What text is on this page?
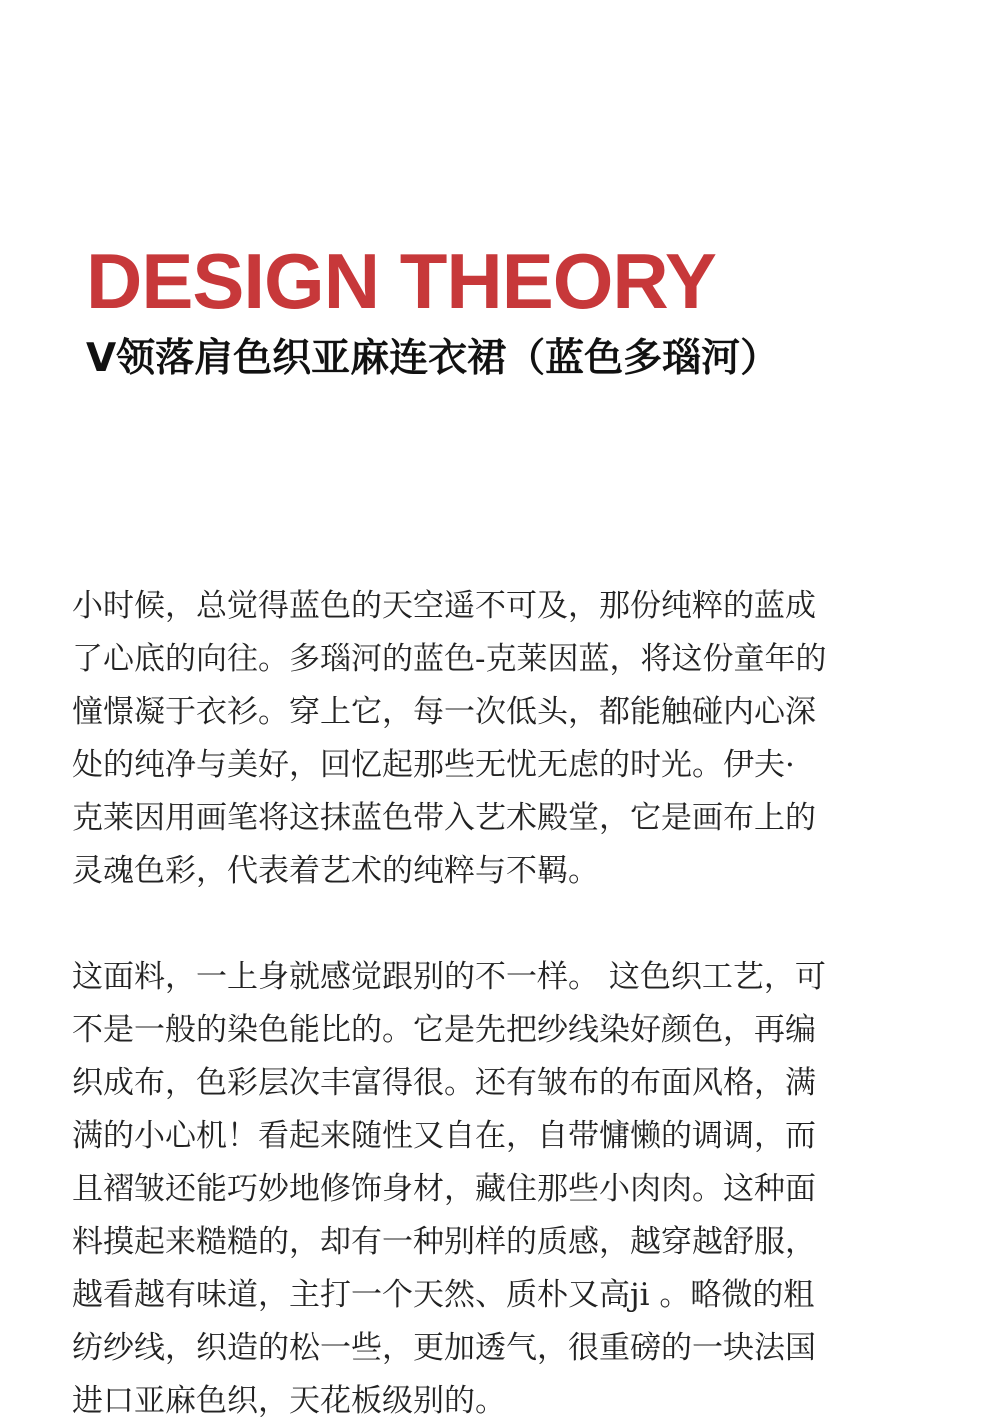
DESIGN THEORY
V领落肩色织亚麻连衣裙（蓝色多瑙河）
小时候，总觉得蓝色的天空遥不可及，那份纯粹的蓝成
了心底的向往。多瑙河的蓝色-克莱因蓝，将这份童年的
憧憬凝于衣衫。穿上它，每一次低头，都能触碰内心深
处的纯净与美好，回忆起那些无忧无虑的时光。伊夫·
克莱因用画笔将这抹蓝色带入艺术殿堂，它是画布上的
灵魂色彩，代表着艺术的纯粹与不羁。
这面料，一上身就感觉跟别的不一样。 这色织工艺，可
不是一般的染色能比的。它是先把纱线染好颜色，再编
织成布，色彩层次丰富得很。还有皱布的布面风格，满
满的小心机！看起来随性又自在，自带慵懒的调调，而
且褶皱还能巧妙地修饰身材，藏住那些小肉肉。这种面
料摸起来糙糙的，却有一种别样的质感，越穿越舒服，
越看越有味道，主打一个天然、质朴又高ji 。略微的粗
纺纱线，织造的松一些，更加透气，很重磅的一块法国
进口亚麻色织，天花板级别的。
